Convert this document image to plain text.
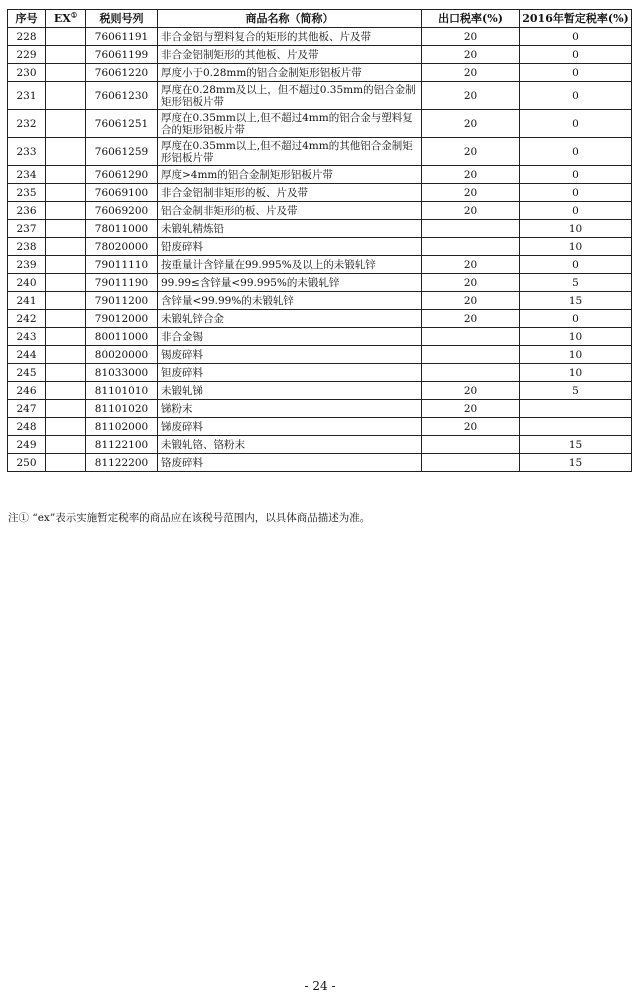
序号	EX①	税则号列	商品名称（简称）	出口税率(%)	2016年暂定税率(%)
228		76061191	非合金铝与塑料复合的矩形的其他板、片及带	20	0
229		76061199	非合金铝制矩形的其他板、片及带	20	0
230		76061220	厚度小于0.28mm的铝合金制矩形铝板片带	20	0
231		76061230	厚度在0.28mm及以上，但不超过0.35mm的铝合金制矩形铝板片带	20	0
232		76061251	厚度在0.35mm以上,但不超过4mm的铝合金与塑料复合的矩形铝板片带	20	0
233		76061259	厚度在0.35mm以上,但不超过4mm的其他铝合金制矩形铝板片带	20	0
234		76061290	厚度>4mm的铝合金制矩形铝板片带	20	0
235		76069100	非合金铝制非矩形的板、片及带	20	0
236		76069200	铝合金制非矩形的板、片及带	20	0
237		78011000	未锻轧精炼铅		10
238		78020000	铅废碎料		10
239		79011110	按重量计含锌量在99.995%及以上的未锻轧锌	20	0
240		79011190	99.99≤含锌量<99.995%的未锻轧锌	20	5
241		79011200	含锌量<99.99%的未锻轧锌	20	15
242		79012000	未锻轧锌合金	20	0
243		80011000	非合金锡		10
244		80020000	锡废碎料		10
245		81033000	钽废碎料		10
246		81101010	未锻轧锑	20	5
247		81101020	锑粉末	20	
248		81102000	锑废碎料	20	
249		81122100	未锻轧铬、铬粉末		15
250		81122200	铬废碎料		15
注① “ex”表示实施暂定税率的商品应在该税号范围内，以具体商品描述为准。
- 24 -
